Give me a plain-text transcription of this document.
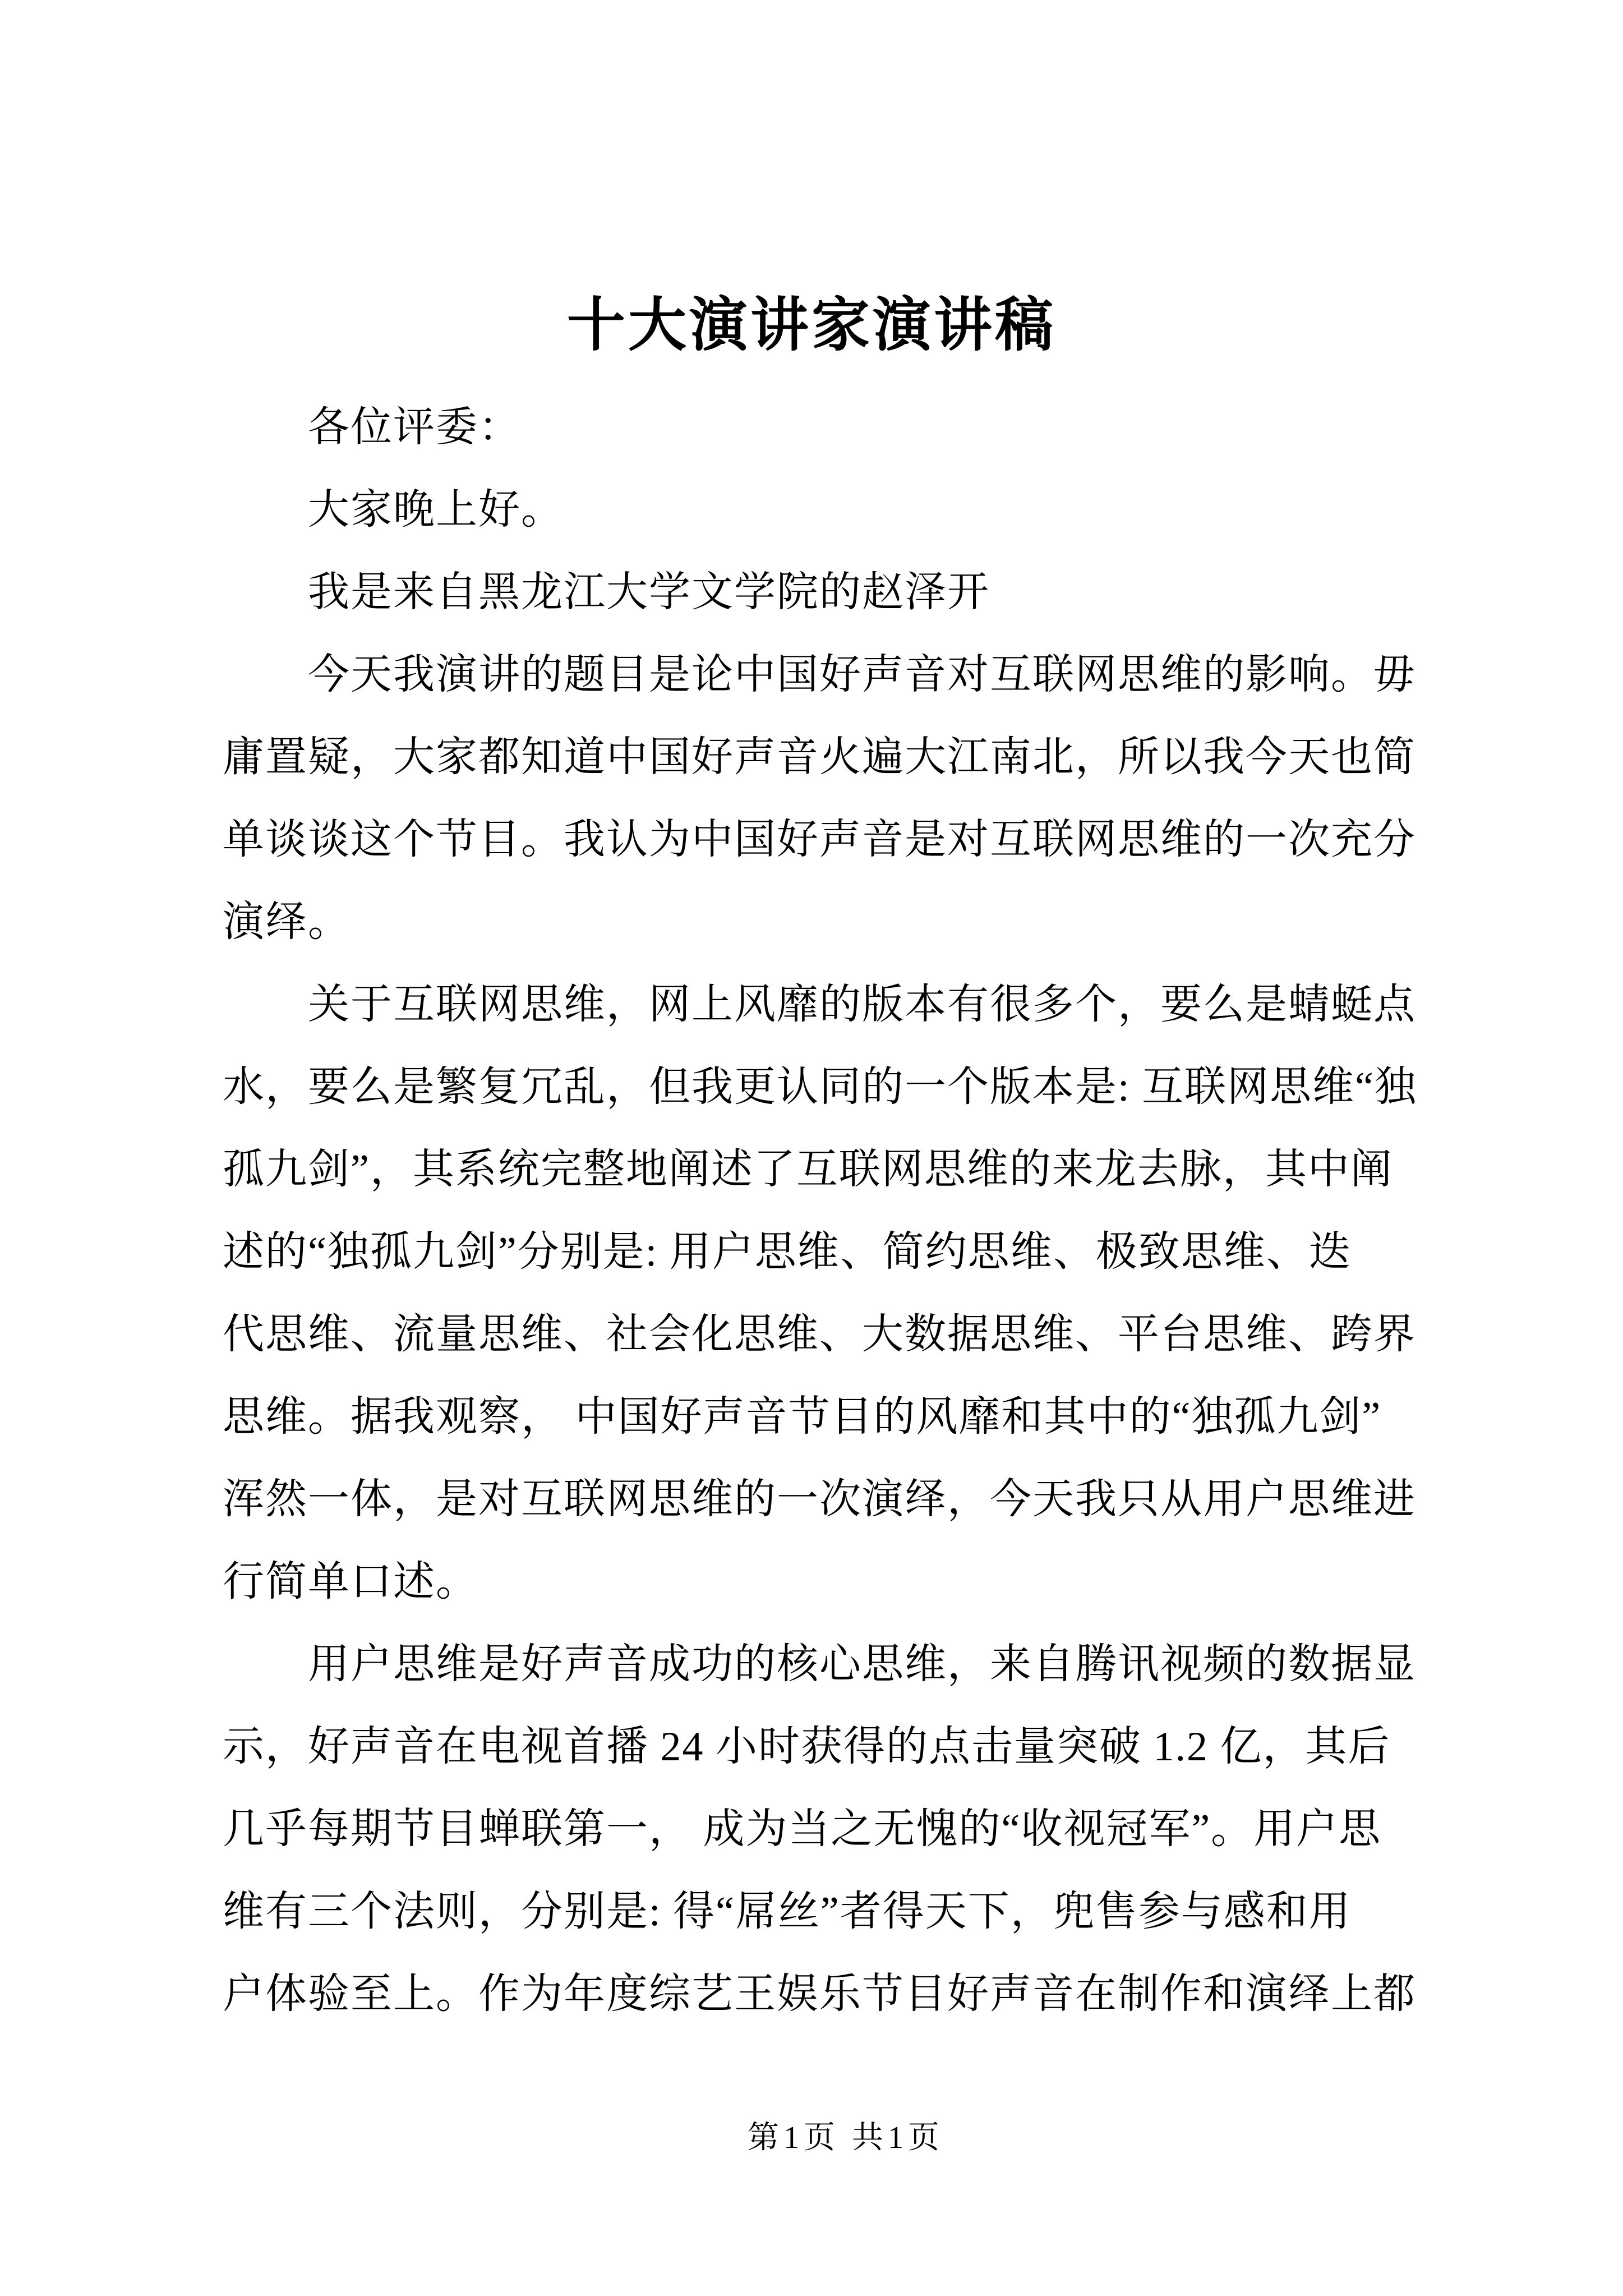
十大演讲家演讲稿
各位评委：
大家晚上好。
我是来自黑龙江大学文学院的赵泽开
今天我演讲的题目是论中国好声音对互联网思维的影响。毋
庸置疑，大家都知道中国好声音火遍大江南北，所以我今天也简
单谈谈这个节目。我认为中国好声音是对互联网思维的一次充分
演绎。
关于互联网思维，网上风靡的版本有很多个，要么是蜻蜓点
水，要么是繁复冗乱，但我更认同的一个版本是: 互联网思维“独
孤九剑”，其系统完整地阐述了互联网思维的来龙去脉，其中阐
述的“独孤九剑”分别是: 用户思维、简约思维、极致思维、迭
代思维、流量思维、社会化思维、大数据思维、平台思维、跨界
思维。据我观察， 中国好声音节目的风靡和其中的“独孤九剑”
浑然一体，是对互联网思维的一次演绎，今天我只从用户思维进
行简单口述。
用户思维是好声音成功的核心思维，来自腾讯视频的数据显
示，好声音在电视首播 24 小时获得的点击量突破 1.2 亿，其后
几乎每期节目蝉联第一， 成为当之无愧的“收视冠军”。用户思
维有三个法则，分别是: 得“屌丝”者得天下，兜售参与感和用
户体验至上。作为年度综艺王娱乐节目好声音在制作和演绎上都
第1页 共1页
